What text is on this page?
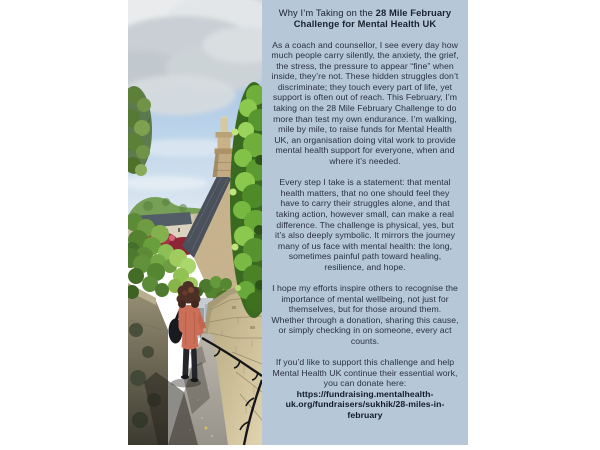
Why I’m Taking on the 28 Mile February Challenge for Mental Health UK

As a coach and counsellor, I see every day how much people carry silently, the anxiety, the grief, the stress, the pressure to appear “fine” when inside, they’re not. These hidden struggles don’t discriminate; they touch every part of life, yet support is often out of reach. This February, I’m taking on the 28 Mile February Challenge to do more than test my own endurance. I’m walking, mile by mile, to raise funds for Mental Health UK, an organisation doing vital work to provide mental health support for everyone, when and where it’s needed.

Every step I take is a statement: that mental health matters, that no one should feel they have to carry their struggles alone, and that taking action, however small, can make a real difference. The challenge is physical, yes, but it’s also deeply symbolic. It mirrors the journey many of us face with mental health: the long, sometimes painful path toward healing, resilience, and hope.

I hope my efforts inspire others to recognise the importance of mental wellbeing, not just for themselves, but for those around them. Whether through a donation, sharing this cause, or simply checking in on someone, every act counts.

If you’d like to support this challenge and help Mental Health UK continue their essential work, you can donate here:
https://fundraising.mentalhealth-uk.org/fundraisers/sukhik/28-miles-in-february
